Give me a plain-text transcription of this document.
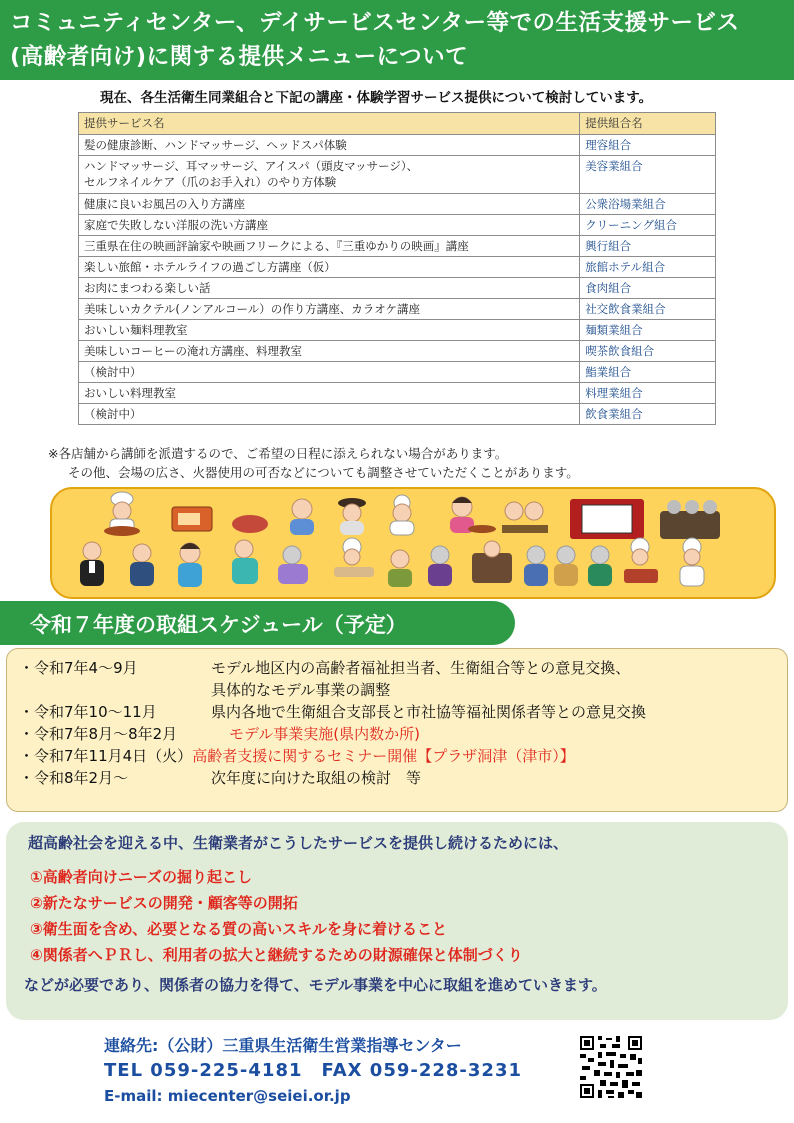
コミュニティセンター、デイサービスセンター等での生活支援サービス
(高齢者向け)に関する提供メニューについて
現在、各生活衛生同業組合と下記の講座・体験学習サービス提供について検討しています。
提供サービス名	提供組合名
髪の健康診断、ハンドマッサージ、ヘッドスパ体験	理容組合

ハンドマッサージ、耳マッサージ、アイスパ（頭皮マッサージ）、
セルフネイルケア（爪のお手入れ）のやり方体験	美容業組合
健康に良いお風呂の入り方講座	公衆浴場業組合
家庭で失敗しない洋服の洗い方講座	クリーニング組合
三重県在住の映画評論家や映画フリークによる、『三重ゆかりの映画』講座	興行組合
楽しい旅館・ホテルライフの過ごし方講座（仮）	旅館ホテル組合
お肉にまつわる楽しい話	食肉組合
美味しいカクテル(ノンアルコール）の作り方講座、カラオケ講座	社交飲食業組合
おいしい麺料理教室	麺類業組合
美味しいコーヒーの淹れ方講座、料理教室	喫茶飲食組合
（検討中）	鮨業組合
おいしい料理教室	料理業組合
（検討中）	飲食業組合
※各店舗から講師を派遣するので、ご希望の日程に添えられない場合があります。
その他、会場の広さ、火器使用の可否などについても調整させていただくことがあります。
令和７年度の取組スケジュール（予定）
・令和7年4～9月	モデル地区内の高齢者福祉担当者、生衛組合等との意見交換、
具体的なモデル事業の調整
・令和7年10～11月	県内各地で生衛組合支部長と市社協等福祉関係者等との意見交換
・令和7年8月～8年2月	モデル事業実施(県内数か所)
・令和7年11月4日（火） 高齢者支援に関するセミナー開催【プラザ洞津（津市）】
・令和8年2月～	次年度に向けた取組の検討　等
超高齢社会を迎える中、生衛業者がこうしたサービスを提供し続けるためには、
①高齢者向けニーズの掘り起こし
②新たなサービスの開発・顧客等の開拓
③衛生面を含め、必要となる質の高いスキルを身に着けること
④関係者へＰＲし、利用者の拡大と継続するための財源確保と体制づくり
などが必要であり、関係者の協力を得て、モデル事業を中心に取組を進めていきます。
連絡先:（公財）三重県生活衛生営業指導センター
TEL 059-225-4181　FAX 059-228-3231
E-mail: miecenter@seiei.or.jp
